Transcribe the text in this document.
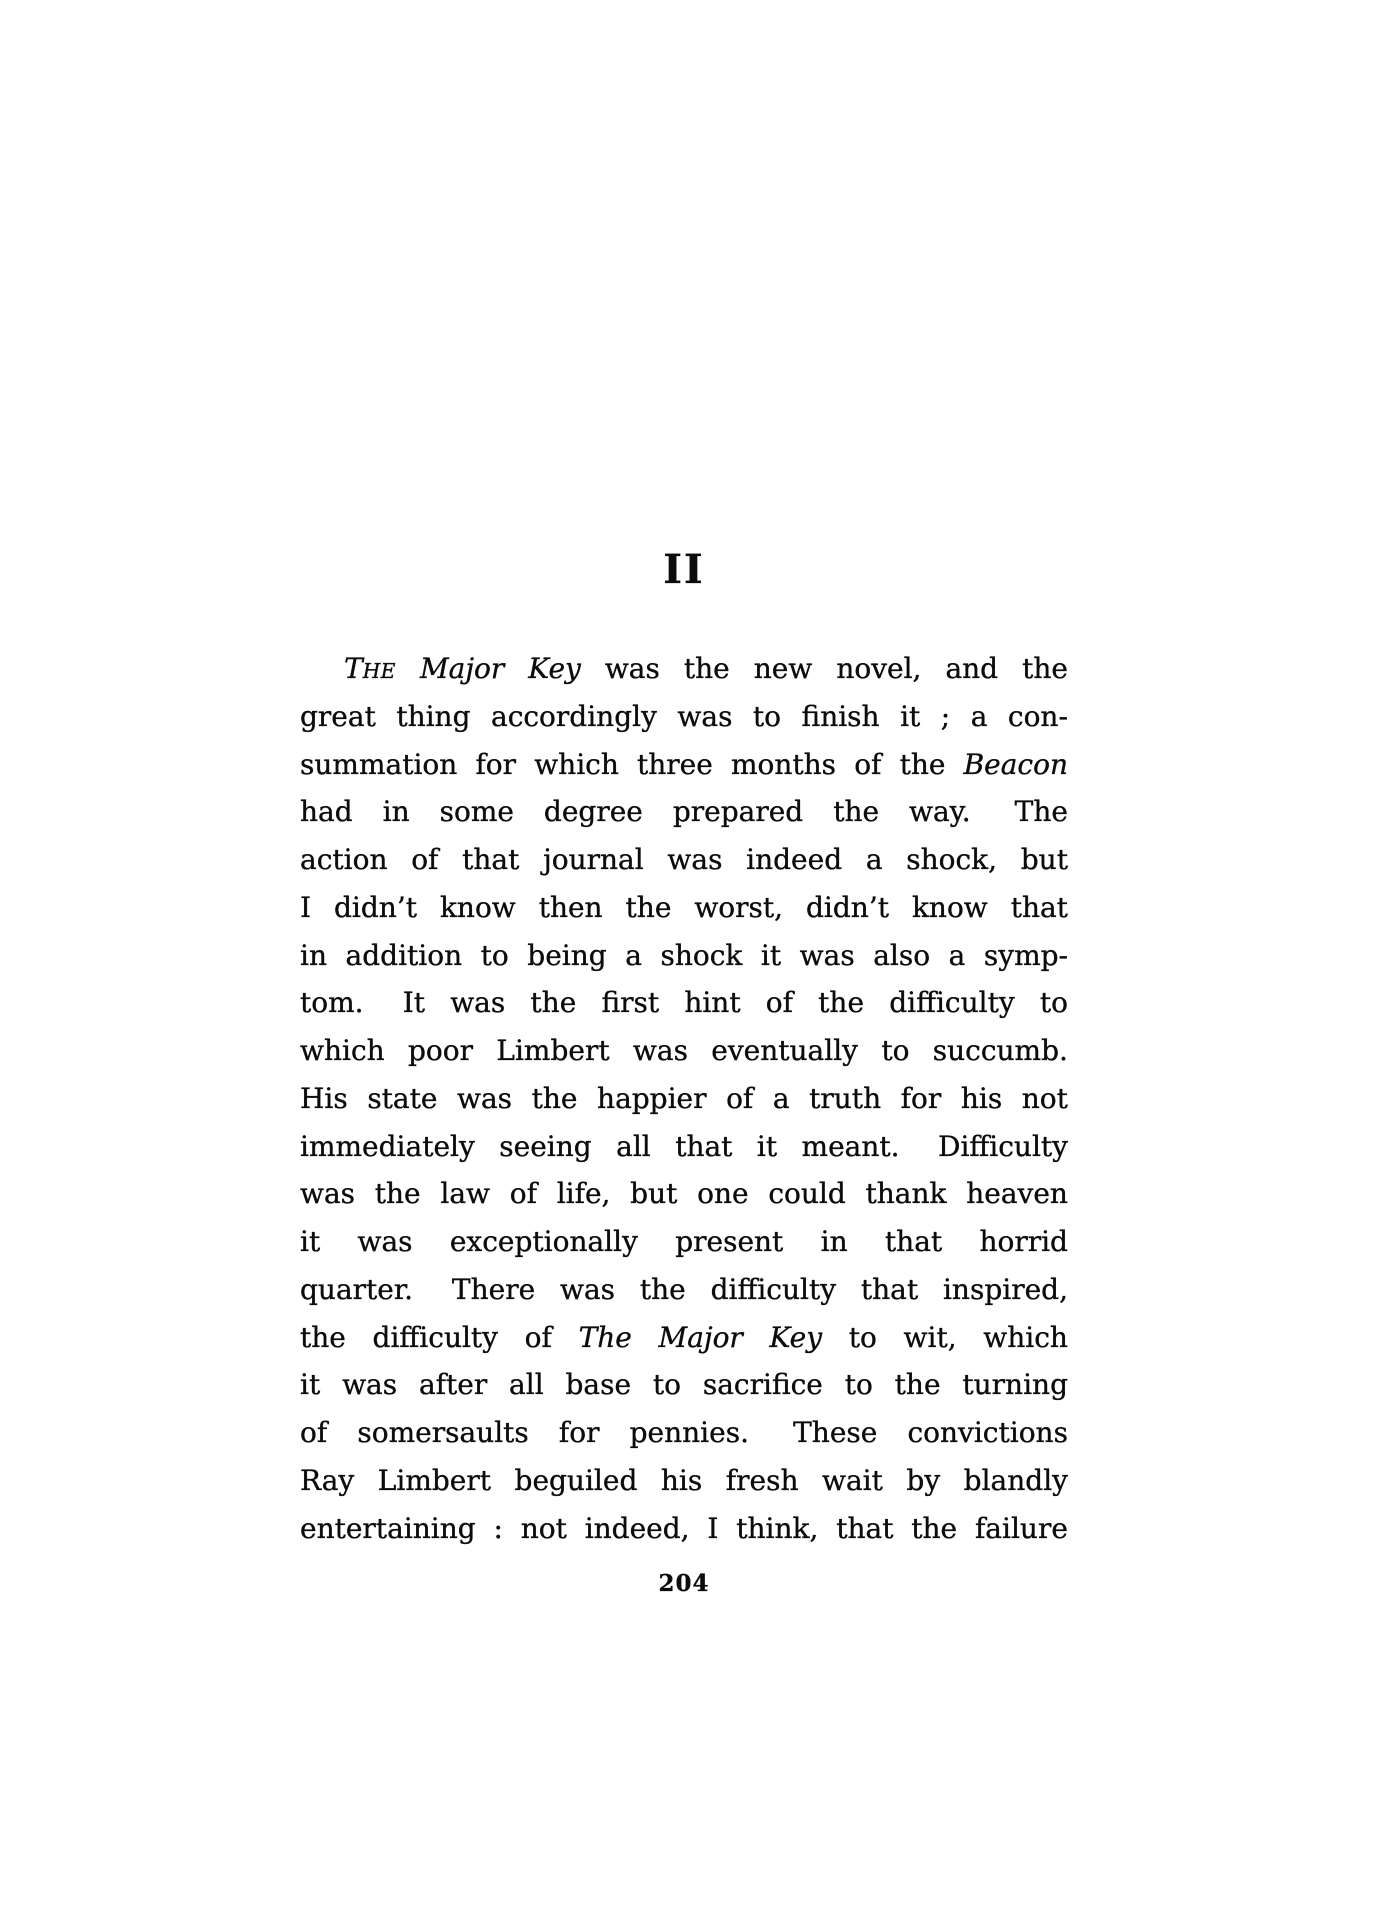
II
THE Major Key was the new novel, and the
great thing accordingly was to finish it ; a con-
summation for which three months of the Beacon
had in some degree prepared the way.  The
action of that journal was indeed a shock, but
I didn’t know then the worst, didn’t know that
in addition to being a shock it was also a symp-
tom.  It was the first hint of the difficulty to
which poor Limbert was eventually to succumb.
His state was the happier of a truth for his not
immediately seeing all that it meant.  Difficulty
was the law of life, but one could thank heaven
it was exceptionally present in that horrid
quarter.  There was the difficulty that inspired,
the difficulty of The Major Key to wit, which
it was after all base to sacrifice to the turning
of somersaults for pennies.  These convictions
Ray Limbert beguiled his fresh wait by blandly
entertaining : not indeed, I think, that the failure
204
